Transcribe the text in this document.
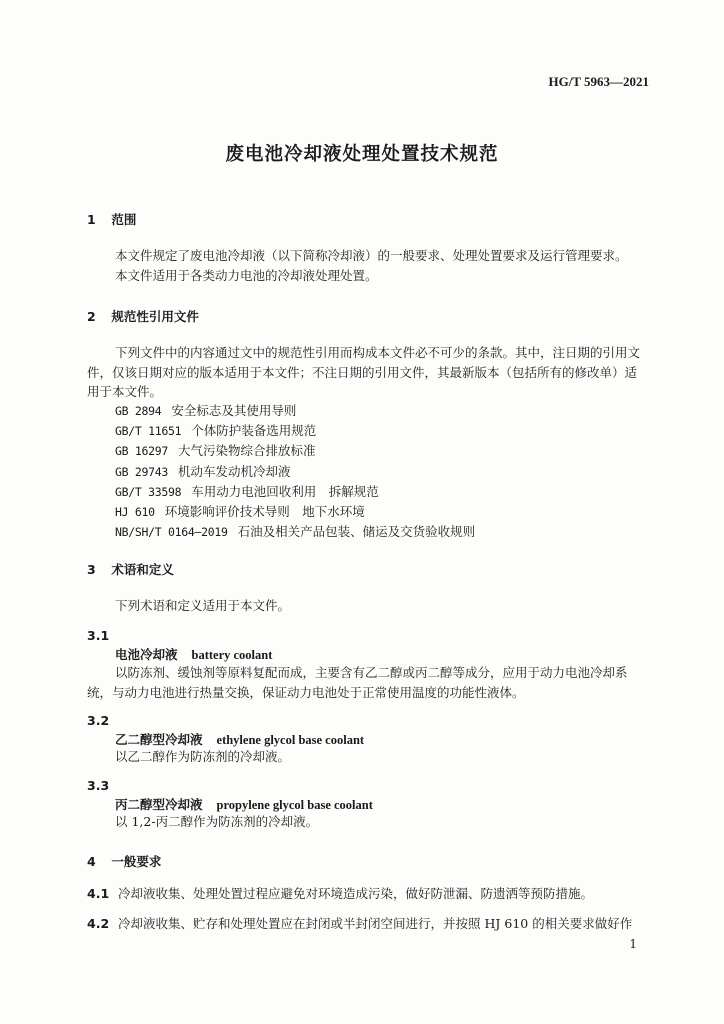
HG/T 5963—2021
废电池冷却液处理处置技术规范
1 范围
本文件规定了废电池冷却液（以下简称冷却液）的一般要求、处理处置要求及运行管理要求。
本文件适用于各类动力电池的冷却液处理处置。
2 规范性引用文件
下列文件中的内容通过文中的规范性引用而构成本文件必不可少的条款。其中，注日期的引用文
件，仅该日期对应的版本适用于本文件；不注日期的引用文件，其最新版本（包括所有的修改单）适
用于本文件。
GB 2894 安全标志及其使用导则
GB/T 11651 个体防护装备选用规范
GB 16297 大气污染物综合排放标准
GB 29743 机动车发动机冷却液
GB/T 33598 车用动力电池回收利用　拆解规范
HJ 610 环境影响评价技术导则　地下水环境
NB/SH/T 0164—2019 石油及相关产品包装、储运及交货验收规则
3 术语和定义
下列术语和定义适用于本文件。
3.1
电池冷却液 battery coolant
以防冻剂、缓蚀剂等原料复配而成，主要含有乙二醇或丙二醇等成分，应用于动力电池冷却系
统，与动力电池进行热量交换，保证动力电池处于正常使用温度的功能性液体。
3.2
乙二醇型冷却液 ethylene glycol base coolant
以乙二醇作为防冻剂的冷却液。
3.3
丙二醇型冷却液 propylene glycol base coolant
以 1,2-丙二醇作为防冻剂的冷却液。
4 一般要求
4.1 冷却液收集、处理处置过程应避免对环境造成污染，做好防泄漏、防遗洒等预防措施。
4.2 冷却液收集、贮存和处理处置应在封闭或半封闭空间进行，并按照 HJ 610 的相关要求做好作
1
